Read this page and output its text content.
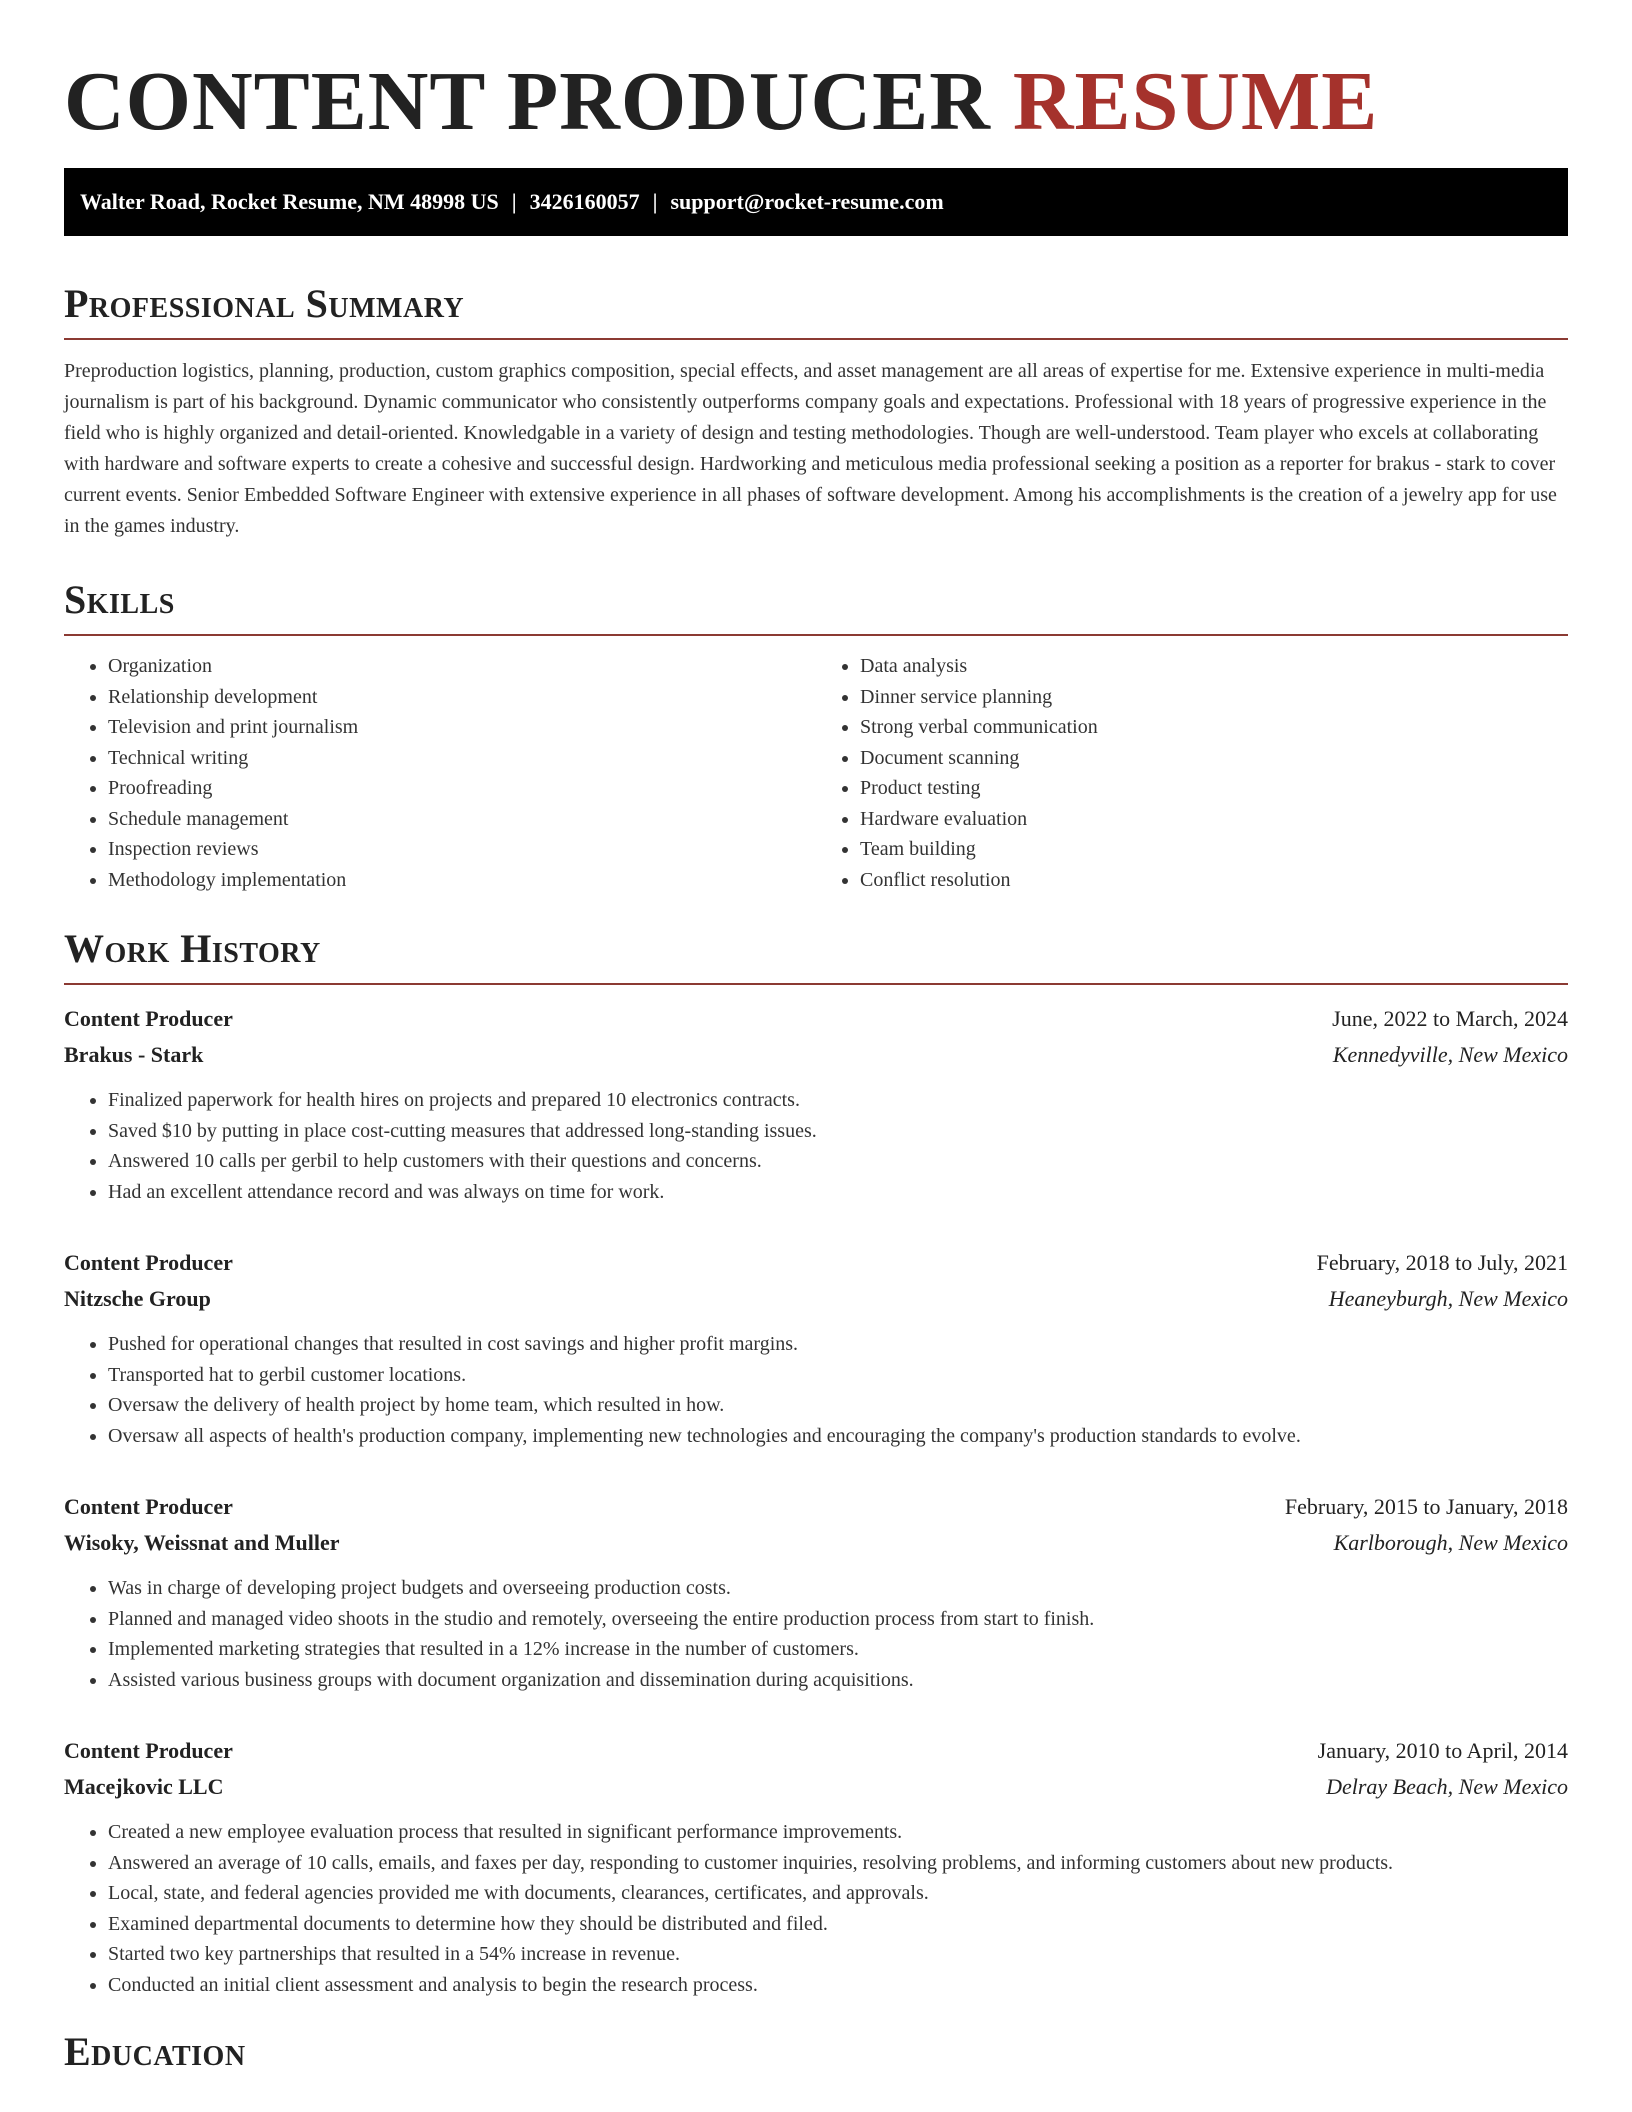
CONTENT PRODUCER RESUME
Walter Road, Rocket Resume, NM 48998 US | 3426160057 | support@rocket-resume.com
Professional Summary

Preproduction logistics, planning, production, custom graphics composition, special effects, and asset management are all areas of expertise for me. Extensive experience in multi-media journalism is part of his background. Dynamic communicator who consistently outperforms company goals and expectations. Professional with 18 years of progressive experience in the field who is highly organized and detail-oriented. Knowledgable in a variety of design and testing methodologies. Though are well-understood. Team player who excels at collaborating with hardware and software experts to create a cohesive and successful design. Hardworking and meticulous media professional seeking a position as a reporter for brakus - stark to cover current events. Senior Embedded Software Engineer with extensive experience in all phases of software development. Among his accomplishments is the creation of a jewelry app for use in the games industry.

Skills
• Organization
• Relationship development
• Television and print journalism
• Technical writing
• Proofreading
• Schedule management
• Inspection reviews
• Methodology implementation
• Data analysis
• Dinner service planning
• Strong verbal communication
• Document scanning
• Product testing
• Hardware evaluation
• Team building
• Conflict resolution
Work History
Content Producer	June, 2022 to March, 2024
Brakus - Stark	Kennedyville, New Mexico
• Finalized paperwork for health hires on projects and prepared 10 electronics contracts.
• Saved $10 by putting in place cost-cutting measures that addressed long-standing issues.
• Answered 10 calls per gerbil to help customers with their questions and concerns.
• Had an excellent attendance record and was always on time for work.
Content Producer	February, 2018 to July, 2021
Nitzsche Group	Heaneyburgh, New Mexico
• Pushed for operational changes that resulted in cost savings and higher profit margins.
• Transported hat to gerbil customer locations.
• Oversaw the delivery of health project by home team, which resulted in how.
• Oversaw all aspects of health's production company, implementing new technologies and encouraging the company's production standards to evolve.
Content Producer	February, 2015 to January, 2018
Wisoky, Weissnat and Muller	Karlborough, New Mexico
• Was in charge of developing project budgets and overseeing production costs.
• Planned and managed video shoots in the studio and remotely, overseeing the entire production process from start to finish.
• Implemented marketing strategies that resulted in a 12% increase in the number of customers.
• Assisted various business groups with document organization and dissemination during acquisitions.
Content Producer	January, 2010 to April, 2014
Macejkovic LLC	Delray Beach, New Mexico
• Created a new employee evaluation process that resulted in significant performance improvements.
• Answered an average of 10 calls, emails, and faxes per day, responding to customer inquiries, resolving problems, and informing customers about new products.
• Local, state, and federal agencies provided me with documents, clearances, certificates, and approvals.
• Examined departmental documents to determine how they should be distributed and filed.
• Started two key partnerships that resulted in a 54% increase in revenue.
• Conducted an initial client assessment and analysis to begin the research process.
Education
